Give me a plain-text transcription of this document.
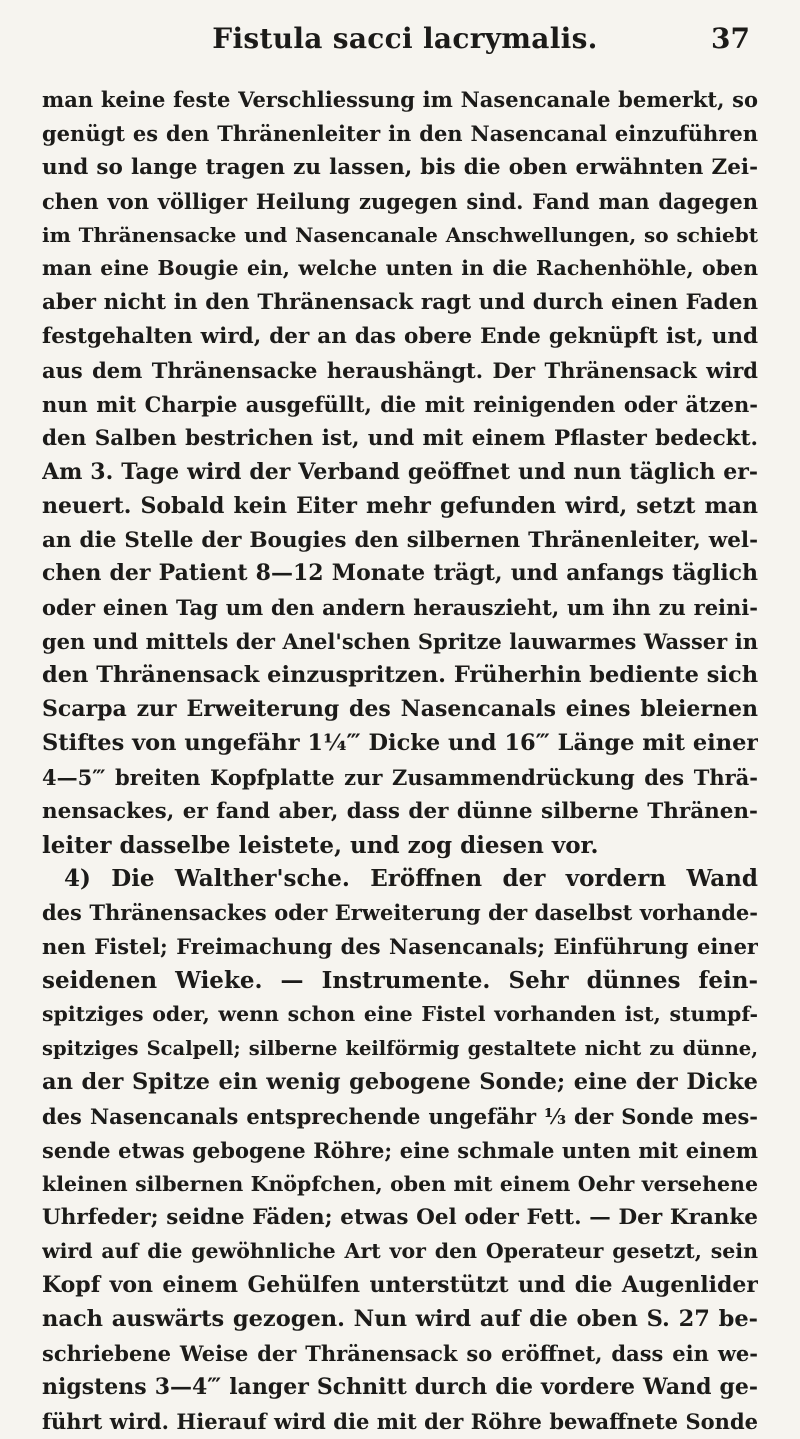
Fistula sacci lacrymalis.	37
man keine feste Verschliessung im Nasencanale bemerkt, so
genügt es den Thränenleiter in den Nasencanal einzuführen
und so lange tragen zu lassen, bis die oben erwähnten Zei-
chen von völliger Heilung zugegen sind. Fand man dagegen
im Thränensacke und Nasencanale Anschwellungen, so schiebt
man eine Bougie ein, welche unten in die Rachenhöhle, oben
aber nicht in den Thränensack ragt und durch einen Faden
festgehalten wird, der an das obere Ende geknüpft ist, und
aus dem Thränensacke heraushängt. Der Thränensack wird
nun mit Charpie ausgefüllt, die mit reinigenden oder ätzen-
den Salben bestrichen ist, und mit einem Pflaster bedeckt.
Am 3. Tage wird der Verband geöffnet und nun täglich er-
neuert. Sobald kein Eiter mehr gefunden wird, setzt man
an die Stelle der Bougies den silbernen Thränenleiter, wel-
chen der Patient 8—12 Monate trägt, und anfangs täglich
oder einen Tag um den andern herauszieht, um ihn zu reini-
gen und mittels der Anel'schen Spritze lauwarmes Wasser in
den Thränensack einzuspritzen. Früherhin bediente sich
Scarpa zur Erweiterung des Nasencanals eines bleiernen
Stiftes von ungefähr 1¼‴ Dicke und 16‴ Länge mit einer
4—5‴ breiten Kopfplatte zur Zusammendrückung des Thrä-
nensackes, er fand aber, dass der dünne silberne Thränen-
leiter dasselbe leistete, und zog diesen vor.
4) Die Walther'sche. Eröffnen der vordern Wand
des Thränensackes oder Erweiterung der daselbst vorhande-
nen Fistel; Freimachung des Nasencanals; Einführung einer
seidenen Wieke. — Instrumente. Sehr dünnes fein-
spitziges oder, wenn schon eine Fistel vorhanden ist, stumpf-
spitziges Scalpell; silberne keilförmig gestaltete nicht zu dünne,
an der Spitze ein wenig gebogene Sonde; eine der Dicke
des Nasencanals entsprechende ungefähr ⅓ der Sonde mes-
sende etwas gebogene Röhre; eine schmale unten mit einem
kleinen silbernen Knöpfchen, oben mit einem Oehr versehene
Uhrfeder; seidne Fäden; etwas Oel oder Fett. — Der Kranke
wird auf die gewöhnliche Art vor den Operateur gesetzt, sein
Kopf von einem Gehülfen unterstützt und die Augenlider
nach auswärts gezogen. Nun wird auf die oben S. 27 be-
schriebene Weise der Thränensack so eröffnet, dass ein we-
nigstens 3—4‴ langer Schnitt durch die vordere Wand ge-
führt wird. Hierauf wird die mit der Röhre bewaffnete Sonde
